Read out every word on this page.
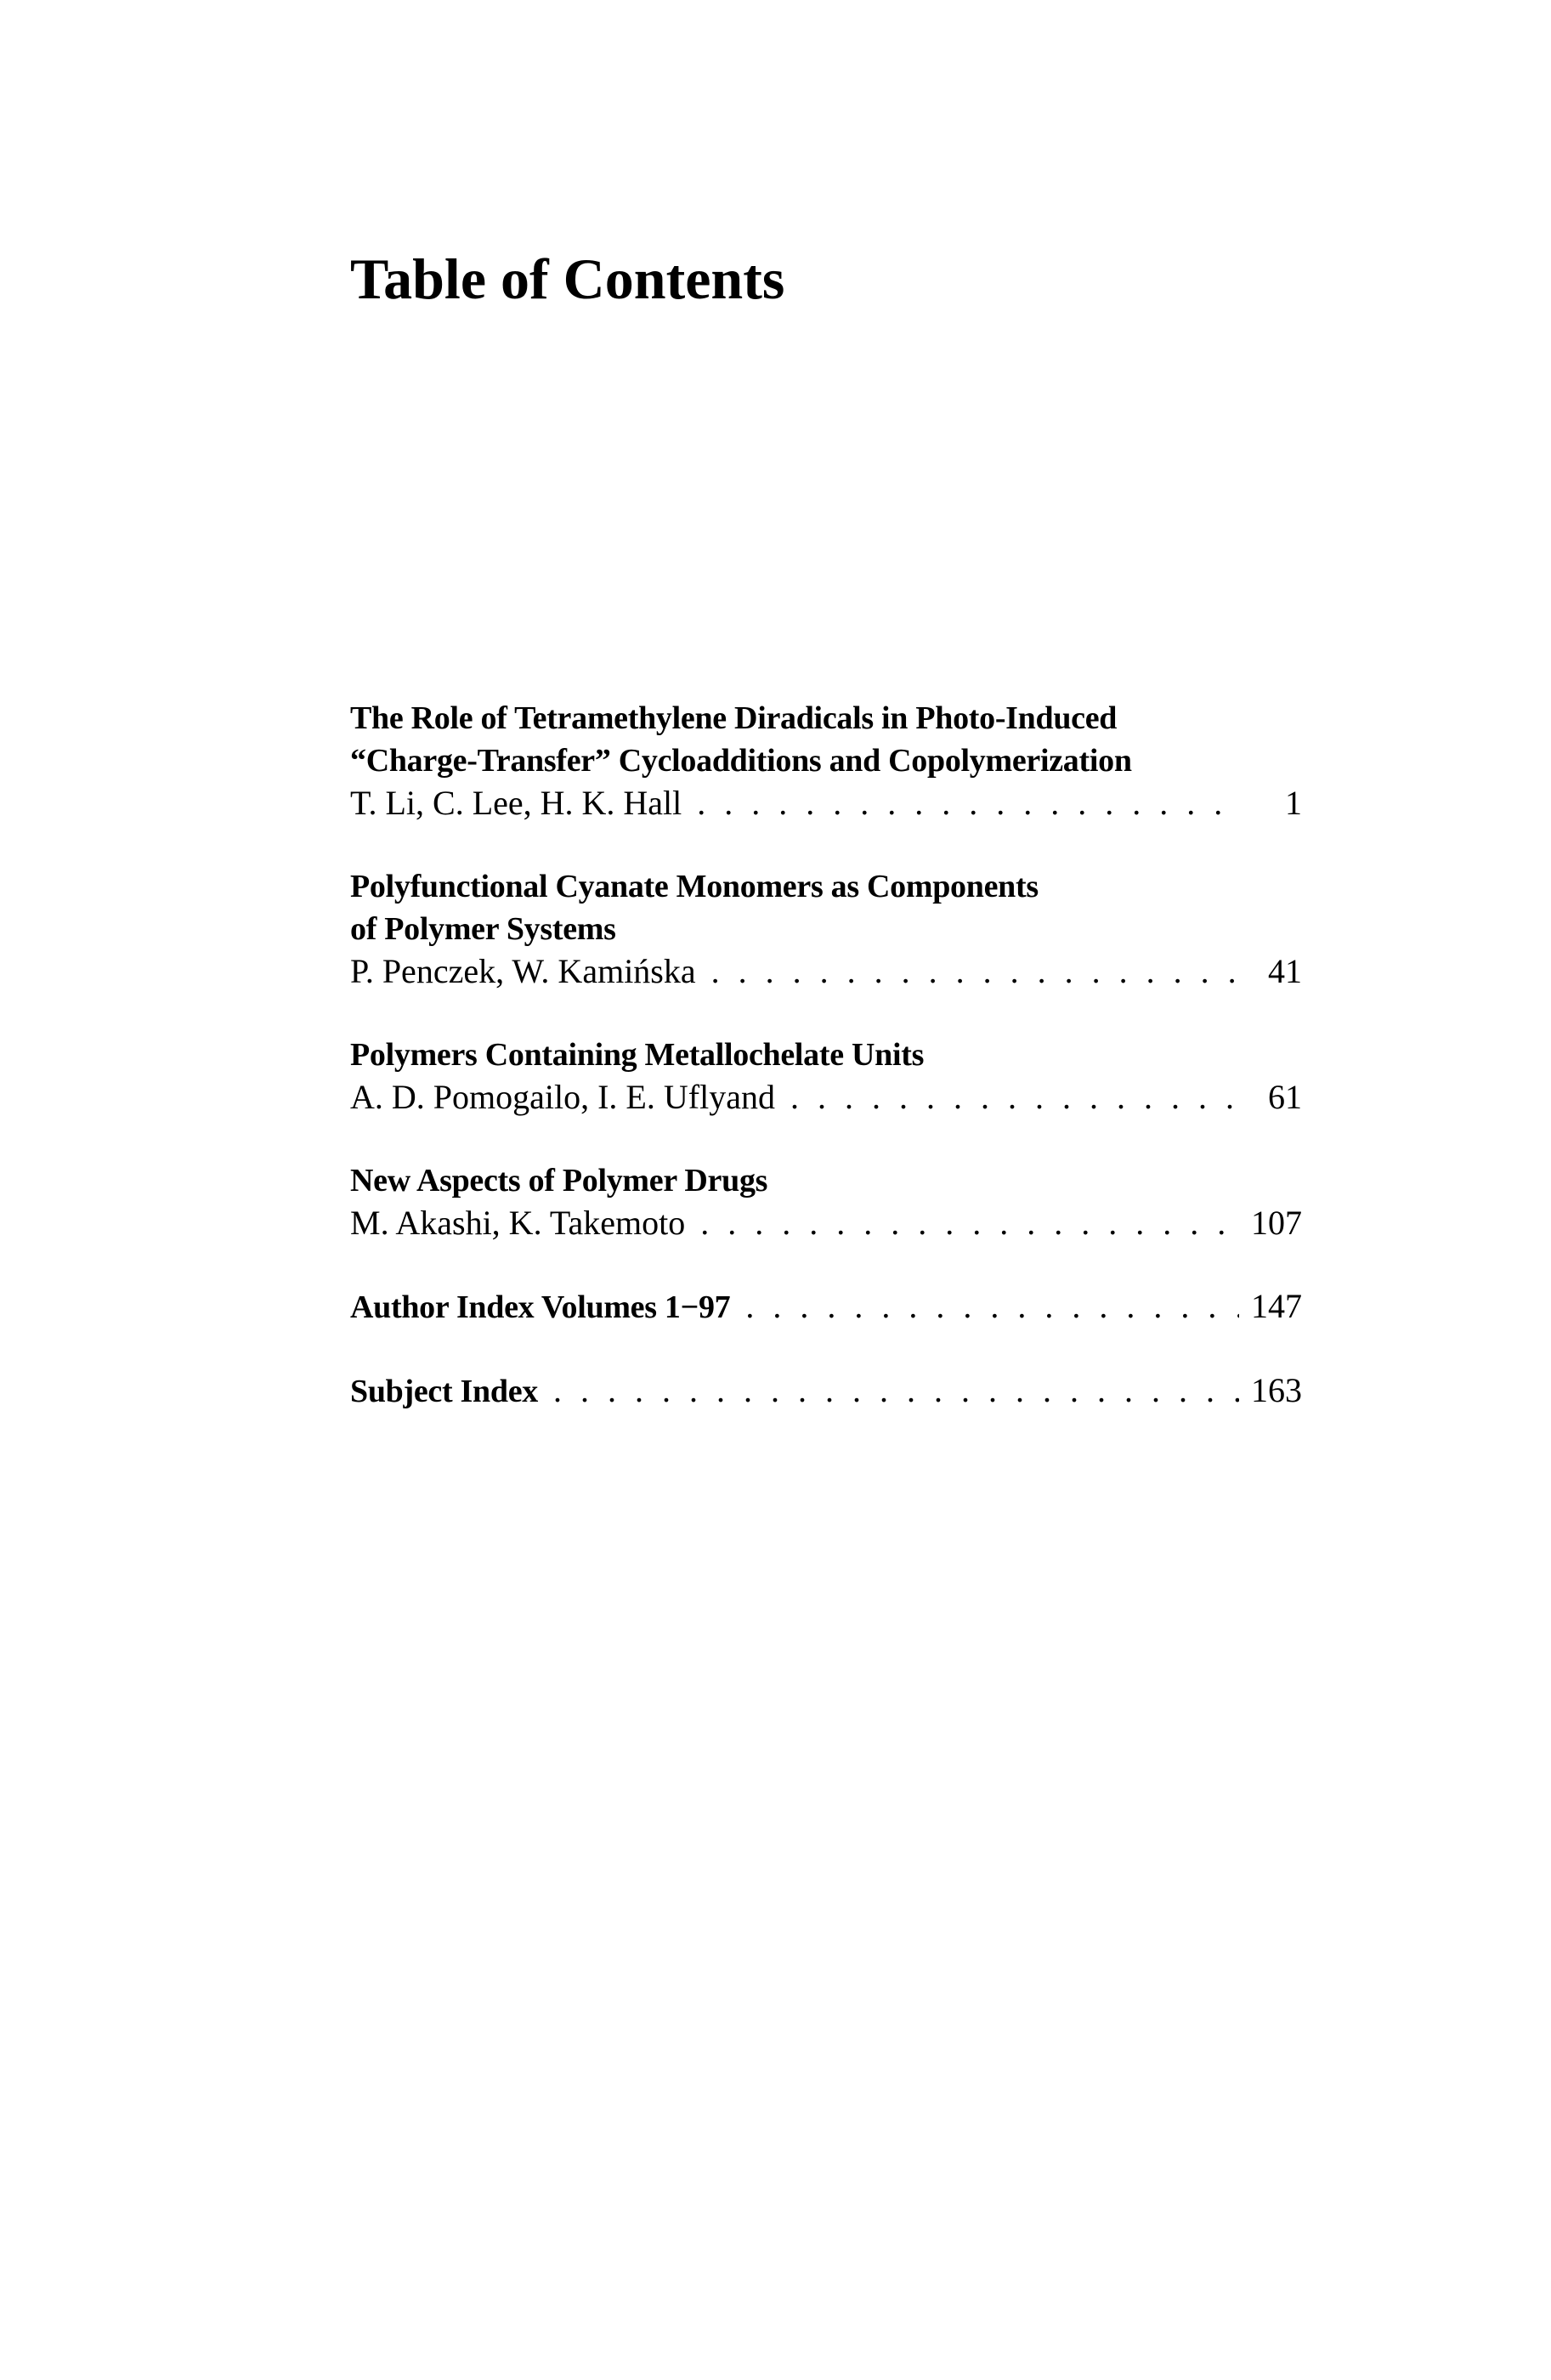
Table of Contents
The Role of Tetramethylene Diradicals in Photo-Induced
“Charge-Transfer” Cycloadditions and Copolymerization
T. Li, C. Lee, H. K. Hall . . .	1
Polyfunctional Cyanate Monomers as Components
of Polymer Systems
P. Penczek, W. Kamińska . . .	41
Polymers Containing Metallochelate Units
A. D. Pomogailo, I. E. Uflyand . . .	61
New Aspects of Polymer Drugs
M. Akashi, K. Takemoto . . .	107
Author Index Volumes 1−97 . . .	147
Subject Index . . .	163
